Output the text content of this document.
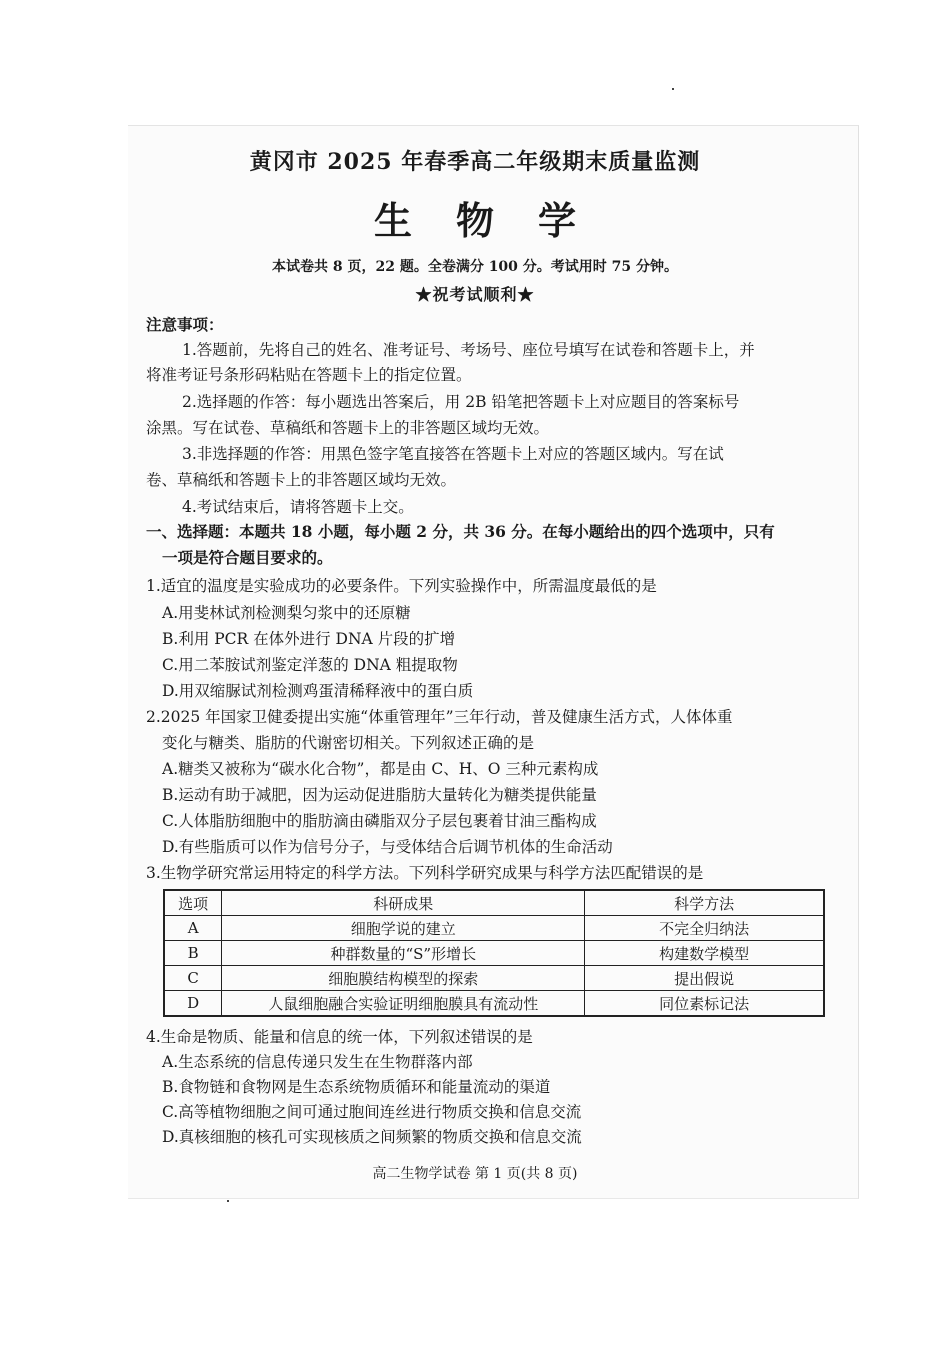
黄冈市 2025 年春季高二年级期末质量监测
生物学
本试卷共 8 页，22 题。全卷满分 100 分。考试用时 75 分钟。
★祝考试顺利★
注意事项：
1.答题前，先将自己的姓名、准考证号、考场号、座位号填写在试卷和答题卡上，并
将准考证号条形码粘贴在答题卡上的指定位置。
2.选择题的作答：每小题选出答案后，用 2B 铅笔把答题卡上对应题目的答案标号
涂黑。写在试卷、草稿纸和答题卡上的非答题区域均无效。
3.非选择题的作答：用黑色签字笔直接答在答题卡上对应的答题区域内。写在试
卷、草稿纸和答题卡上的非答题区域均无效。
4.考试结束后，请将答题卡上交。
一、选择题：本题共 18 小题，每小题 2 分，共 36 分。在每小题给出的四个选项中，只有
一项是符合题目要求的。
1.适宜的温度是实验成功的必要条件。下列实验操作中，所需温度最低的是
A.用斐林试剂检测梨匀浆中的还原糖
B.利用 PCR 在体外进行 DNA 片段的扩增
C.用二苯胺试剂鉴定洋葱的 DNA 粗提取物
D.用双缩脲试剂检测鸡蛋清稀释液中的蛋白质
2.2025 年国家卫健委提出实施“体重管理年”三年行动，普及健康生活方式，人体体重
变化与糖类、脂肪的代谢密切相关。下列叙述正确的是
A.糖类又被称为“碳水化合物”，都是由 C、H、O 三种元素构成
B.运动有助于减肥，因为运动促进脂肪大量转化为糖类提供能量
C.人体脂肪细胞中的脂肪滴由磷脂双分子层包裹着甘油三酯构成
D.有些脂质可以作为信号分子，与受体结合后调节机体的生命活动
3.生物学研究常运用特定的科学方法。下列科学研究成果与科学方法匹配错误的是
选项	科研成果	科学方法
A	细胞学说的建立	不完全归纳法
B	种群数量的“S”形增长	构建数学模型
C	细胞膜结构模型的探索	提出假说
D	人鼠细胞融合实验证明细胞膜具有流动性	同位素标记法
4.生命是物质、能量和信息的统一体，下列叙述错误的是
A.生态系统的信息传递只发生在生物群落内部
B.食物链和食物网是生态系统物质循环和能量流动的渠道
C.高等植物细胞之间可通过胞间连丝进行物质交换和信息交流
D.真核细胞的核孔可实现核质之间频繁的物质交换和信息交流
高二生物学试卷 第 1 页(共 8 页)
